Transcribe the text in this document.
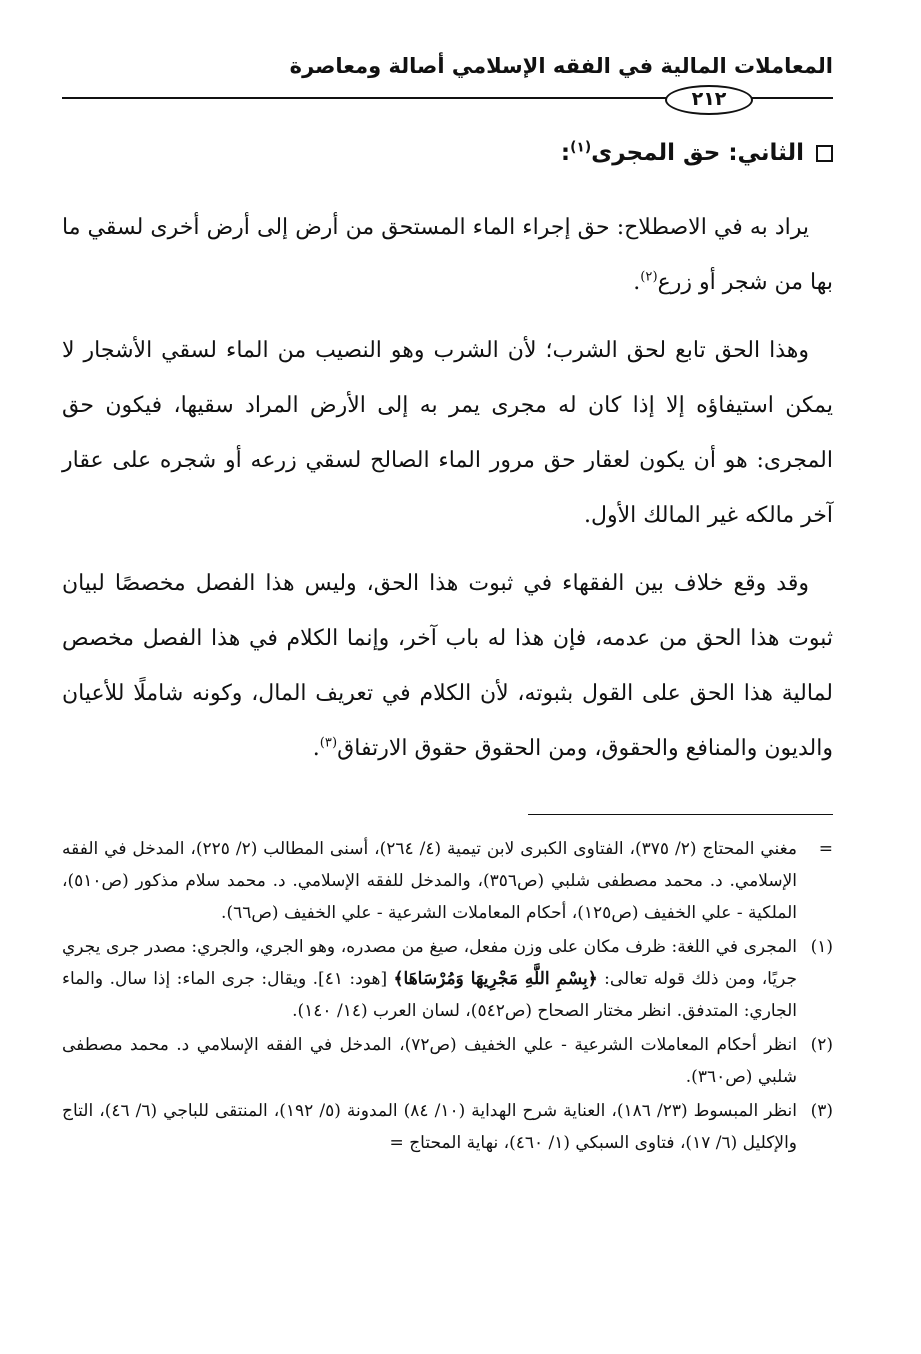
المعاملات المالية في الفقه الإسلامي أصالة ومعاصرة
٢١٢
الثاني: حق المجرى$^{(١)}$:

يراد به في الاصطلاح: حق إجراء الماء المستحق من أرض إلى أرض أخرى لسقي ما بها من شجر أو زرع$^{(٢)}$.

وهذا الحق تابع لحق الشرب؛ لأن الشرب وهو النصيب من الماء لسقي الأشجار لا يمكن استيفاؤه إلا إذا كان له مجرى يمر به إلى الأرض المراد سقيها، فيكون حق المجرى: هو أن يكون لعقار حق مرور الماء الصالح لسقي زرعه أو شجره على عقار آخر مالكه غير المالك الأول.

وقد وقع خلاف بين الفقهاء في ثبوت هذا الحق، وليس هذا الفصل مخصصًا لبيان ثبوت هذا الحق من عدمه، فإن هذا له باب آخر، وإنما الكلام في هذا الفصل مخصص لمالية هذا الحق على القول بثبوته، لأن الكلام في تعريف المال، وكونه شاملًا للأعيان والديون والمنافع والحقوق، ومن الحقوق حقوق الارتفاق$^{(٣)}$.

=
مغني المحتاج (٢/ ٣٧٥)، الفتاوى الكبرى لابن تيمية (٤/ ٢٦٤)، أسنى المطالب (٢/ ٢٢٥)، المدخل في الفقه الإسلامي. د. محمد مصطفى شلبي (ص٣٥٦)، والمدخل للفقه الإسلامي. د. محمد سلام مذكور (ص٥١٠)، الملكية - علي الخفيف (ص١٢٥)، أحكام المعاملات الشرعية - علي الخفيف (ص٦٦).
(١)
المجرى في اللغة: ظرف مكان على وزن مفعل، صيغ من مصدره، وهو الجري، والجري: مصدر جرى يجري جريًا، ومن ذلك قوله تعالى: ﴿بِسْمِ اللَّهِ مَجْرِيهَا وَمُرْسَاهَا﴾ [هود: ٤١]. ويقال: جرى الماء: إذا سال. والماء الجاري: المتدفق. انظر مختار الصحاح (ص٥٤٢)، لسان العرب (١٤/ ١٤٠).
(٢)
انظر أحكام المعاملات الشرعية - علي الخفيف (ص٧٢)، المدخل في الفقه الإسلامي د. محمد مصطفى شلبي (ص٣٦٠).
(٣)
انظر المبسوط (٢٣/ ١٨٦)، العناية شرح الهداية (١٠/ ٨٤) المدونة (٥/ ١٩٢)، المنتقى للباجي (٦/ ٤٦)، التاج والإكليل (٦/ ١٧)، فتاوى السبكي (١/ ٤٦٠)، نهاية المحتاج =
